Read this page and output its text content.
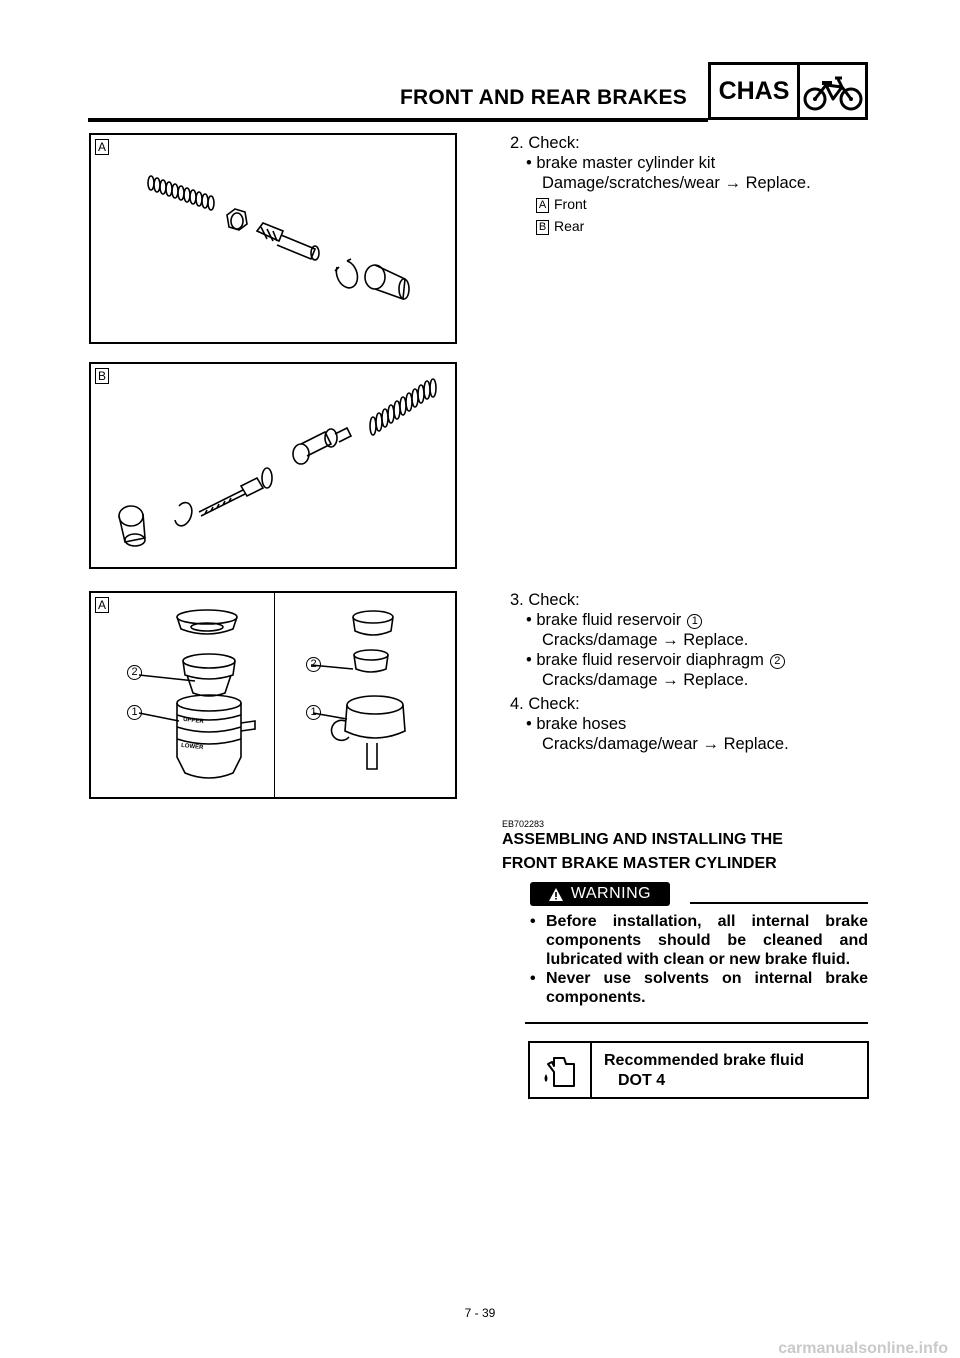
FRONT AND REAR BRAKES	CHAS
A
B
A
2
1
2
1
UPPER
LOWER
2. Check:
• brake master cylinder kit
Damage/scratches/wear → Replace.
A Front
B Rear
3. Check:
• brake fluid reservoir 1
Cracks/damage → Replace.
• brake fluid reservoir diaphragm 2
Cracks/damage → Replace.
4. Check:
• brake hoses
Cracks/damage/wear → Replace.
EB702283
ASSEMBLING AND INSTALLING THE
FRONT BRAKE MASTER CYLINDER
WARNING
• Before installation, all internal brake components should be cleaned and lubricated with clean or new brake fluid.
• Never use solvents on internal brake components.
Recommended brake fluid
DOT 4
7 - 39
carmanualsonline.info
